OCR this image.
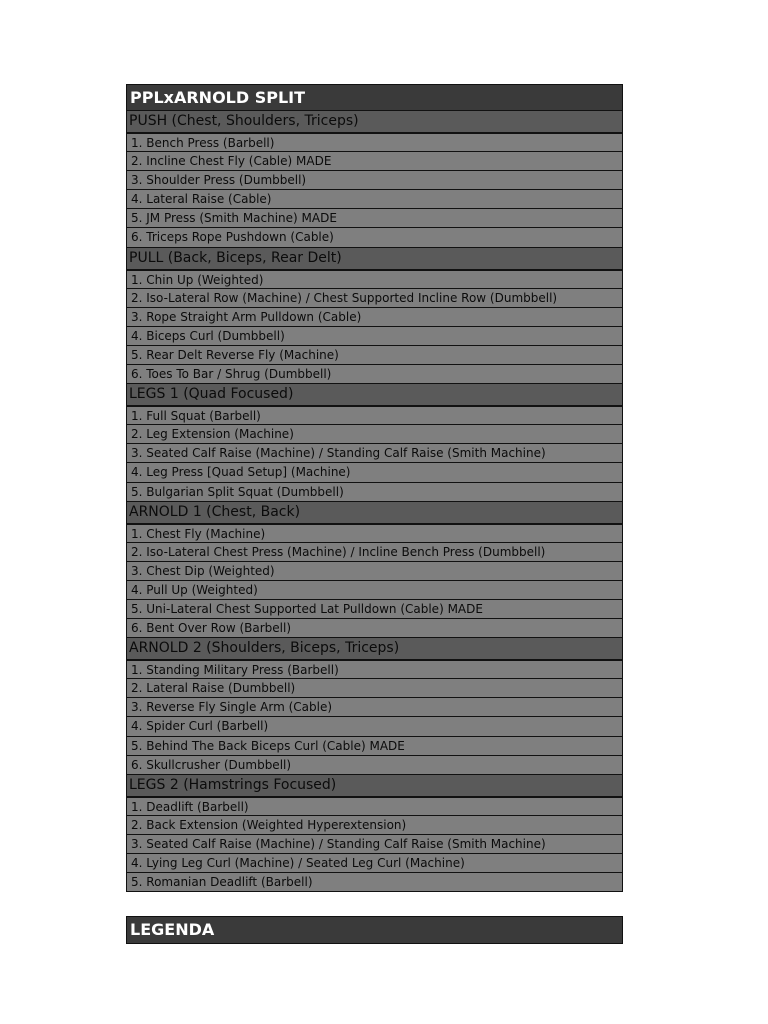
PPLxARNOLD SPLIT
PUSH (Chest, Shoulders, Triceps)
1. Bench Press (Barbell)
2. Incline Chest Fly (Cable) MADE
3. Shoulder Press (Dumbbell)
4. Lateral Raise (Cable)
5. JM Press (Smith Machine) MADE
6. Triceps Rope Pushdown (Cable)
PULL (Back, Biceps, Rear Delt)
1. Chin Up (Weighted)
2. Iso-Lateral Row (Machine) / Chest Supported Incline Row (Dumbbell)
3. Rope Straight Arm Pulldown (Cable)
4. Biceps Curl (Dumbbell)
5. Rear Delt Reverse Fly (Machine)
6. Toes To Bar / Shrug (Dumbbell)
LEGS 1 (Quad Focused)
1. Full Squat (Barbell)
2. Leg Extension (Machine)
3. Seated Calf Raise (Machine) / Standing Calf Raise (Smith Machine)
4. Leg Press [Quad Setup] (Machine)
5. Bulgarian Split Squat (Dumbbell)
ARNOLD 1 (Chest, Back)
1. Chest Fly (Machine)
2. Iso-Lateral Chest Press (Machine) / Incline Bench Press (Dumbbell)
3. Chest Dip (Weighted)
4. Pull Up (Weighted)
5. Uni-Lateral Chest Supported Lat Pulldown (Cable) MADE
6. Bent Over Row (Barbell)
ARNOLD 2 (Shoulders, Biceps, Triceps)
1. Standing Military Press (Barbell)
2. Lateral Raise (Dumbbell)
3. Reverse Fly Single Arm (Cable)
4. Spider Curl (Barbell)
5. Behind The Back Biceps Curl (Cable) MADE
6. Skullcrusher (Dumbbell)
LEGS 2 (Hamstrings Focused)
1. Deadlift (Barbell)
2. Back Extension (Weighted Hyperextension)
3. Seated Calf Raise (Machine) / Standing Calf Raise (Smith Machine)
4. Lying Leg Curl (Machine) / Seated Leg Curl (Machine)
5. Romanian Deadlift (Barbell)
LEGENDA
